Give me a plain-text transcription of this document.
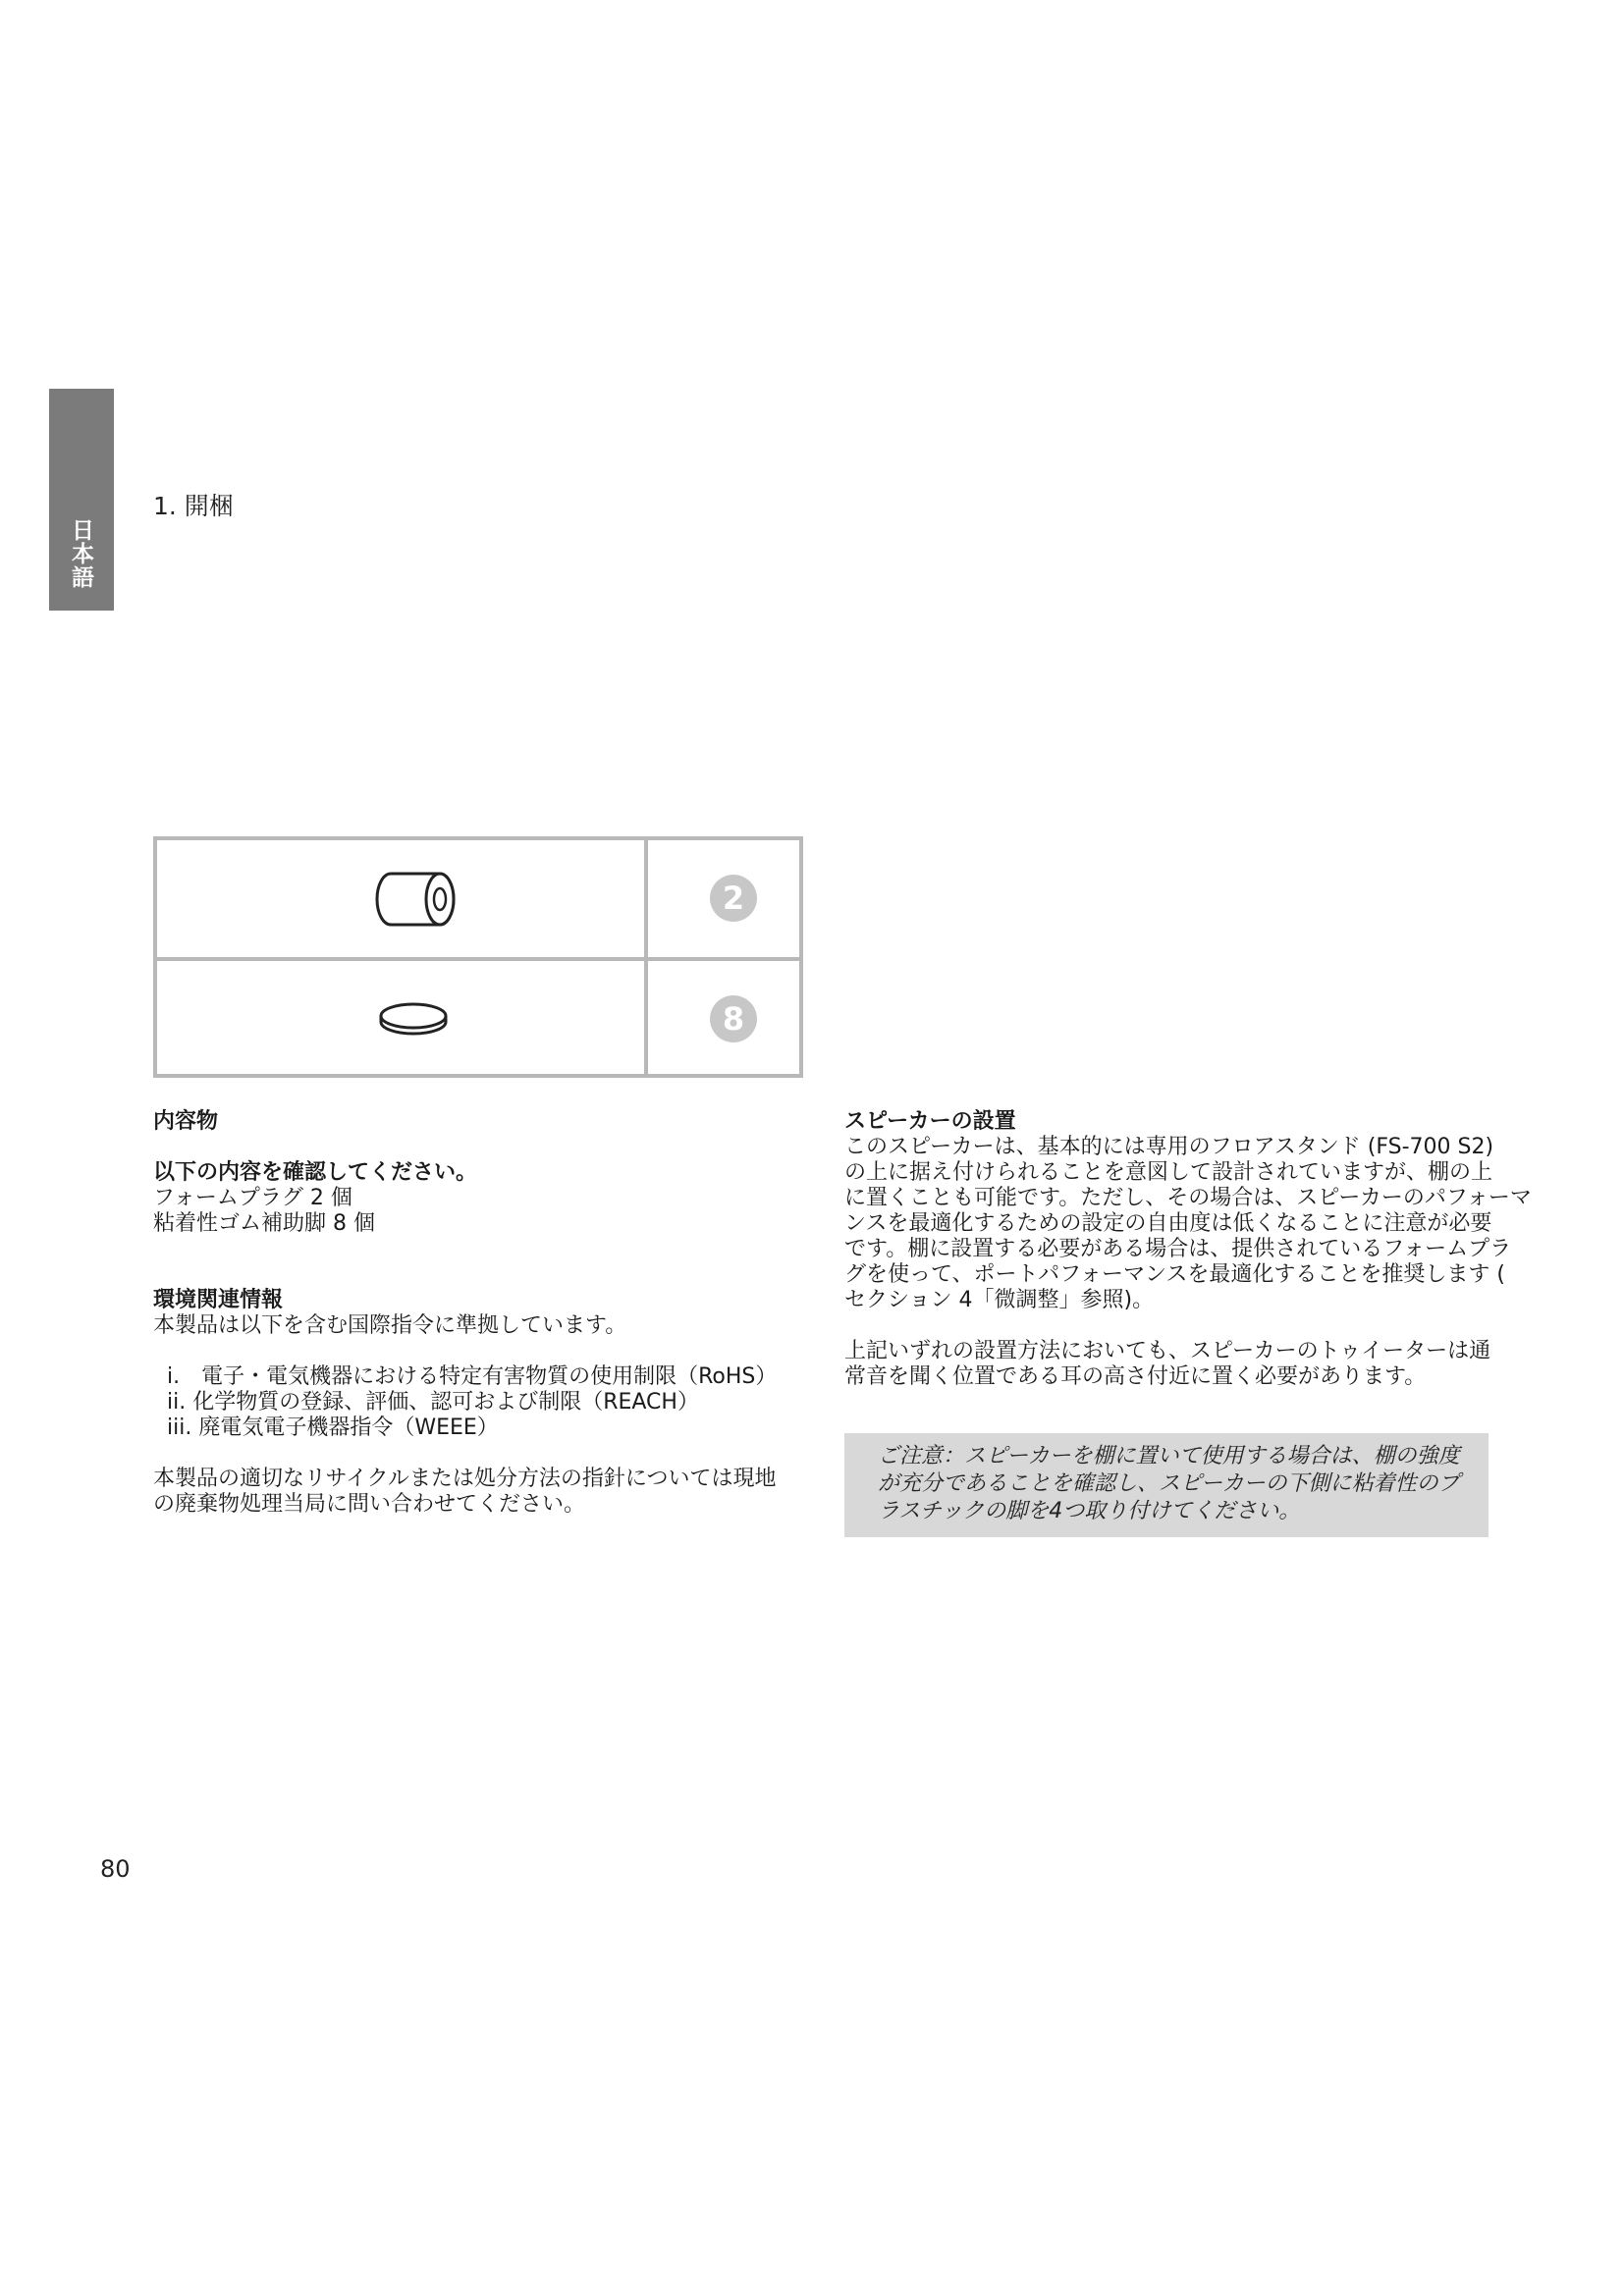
日本語
1. 開梱
2
8
内容物
以下の内容を確認してください。
フォームプラグ 2 個
粘着性ゴム補助脚 8 個
環境関連情報
本製品は以下を含む国際指令に準拠しています。
i.　電子・電気機器における特定有害物質の使用制限（RoHS）
ii. 化学物質の登録、評価、認可および制限（REACH）
iii. 廃電気電子機器指令（WEEE）
本製品の適切なリサイクルまたは処分方法の指針については現地
の廃棄物処理当局に問い合わせてください。
スピーカーの設置
このスピーカーは、基本的には専用のフロアスタンド (FS-700 S2)
の上に据え付けられることを意図して設計されていますが、棚の上
に置くことも可能です。ただし、その場合は、スピーカーのパフォーマ
ンスを最適化するための設定の自由度は低くなることに注意が必要
です。棚に設置する必要がある場合は、提供されているフォームプラ
グを使って、ポートパフォーマンスを最適化することを推奨します (
セクション 4「微調整」参照)。
上記いずれの設置方法においても、スピーカーのトゥイーターは通
常音を聞く位置である耳の高さ付近に置く必要があります。
ご注意：スピーカーを棚に置いて使用する場合は、棚の強度
が充分であることを確認し、スピーカーの下側に粘着性のプ
ラスチックの脚を4つ取り付けてください。
80
